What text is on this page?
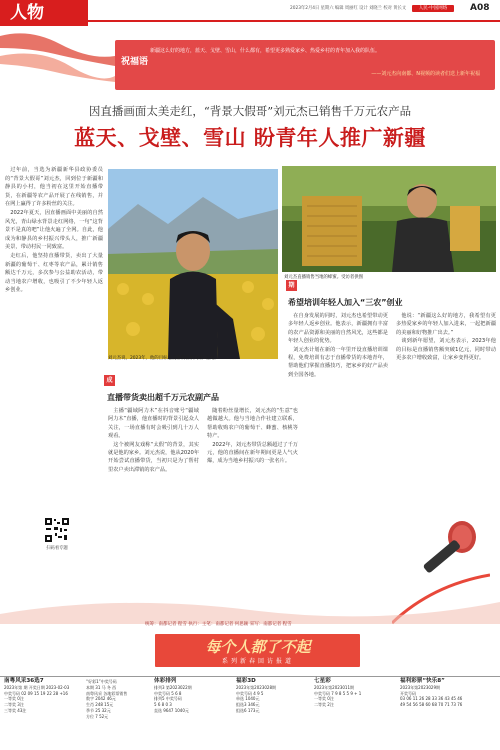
人物	2023年2月4日 星期六 编辑 周丽红 设计 刘晓兰 校对 黄长文	人民·中国网络	A08
祝福语
新疆这么好的地方，蓝天、戈壁、雪山，什么都有，希望更多熟爱家乡、热爱乡村的青年加入我的队伍。
——刘元杰向南都、N视频的读者们送上新年祝福
因直播画面太美走红，“背景大假哥”刘元杰已销售千万元农产品
蓝天、戈壁、雪山 盼青年人推广新疆

过年前，当选为新疆新华县政协委员的“背景大假哥”刘元杰，回到位于新疆和静县的小村，他当初在这里开始直播带货，在新疆等农产品开展了在线销售，并在网上赢得了许多粉丝的关注。

2022年夏天，因直播画面中美丽的自然风光，青山绿水背景走红网络，一句“这背景不是真的吧”让他火遍了全网。自此，他成为和静县的乡村振兴带头人，推广新疆美景，带动村民一同致富。

走红后，他坚持直播带货，卖出了大量新疆的葡萄干、红枣等农产品，累计销售额达千万元，多次参与公益助农活动，带动当地农户增收，也吸引了不少年轻人返乡创业。

刘元杰说，2023年，他的目标是直播销售额突破1亿元。
刘元杰直播销售当地的蜂蜜。受访者供图
成绩
直播带货卖出超千万元农副产品

主播“疆域阿力木”在抖音账号“疆域阿力木”直播，他直播时的背景引起众人关注，一场直播有时会吸引到几十万人观看。

这个被网友戏称“太假”的背景，其实就是他的家乡。刘元杰说，他从2020年开始尝试直播带货，当初只是为了帮村里农户卖出滞销的农产品。

随着粉丝量增长，刘元杰的“生意”也越做越大。他与当地合作社建立联系，帮助收购农户的葡萄干、蜂蜜、核桃等特产。

2022年，刘元杰带货总额超过了千万元，他的直播间在新年期间更是人气火爆，成为当地乡村振兴的一张名片。

期盼
希望培训年轻人加入“三农”创业

在自身发展的同时，刘元杰也希望带动更多年轻人返乡创业。他表示，新疆拥有丰富的农产品资源和美丽的自然风光，这些都是年轻人创业的优势。

刘元杰计划在新的一年里开设直播培训课程，免费培训有志于直播带货的本地青年，帮助他们掌握直播技巧，把家乡的好产品卖到全国各地。

他说：“新疆这么好的地方，我希望有更多热爱家乡的年轻人加入进来，一起把新疆的美丽和好物推广出去。”

谈到新年愿望，刘元杰表示，2023年他的目标是直播销售额突破1亿元，同时带动更多农户增收致富，让家乡变得更好。

扫码看专题
统筹：南都记者 程雪 执行：主笔：南都记者 何思颖 采写：南都记者 程雪
每个人都了不起
系列新春回访报道
南粤风采36选7
2023年第 期 开奖日期 2023-02-03
中奖号码 02 09 15 19 22 28 +16
一等奖 0注
二等奖 3注
三等奖 43注
“好彩1”中奖号码
本期 31 马 冬 西
南粤风采 各地彩票销售
数字 2042 46元
生肖 248 15元
季节 25 32元
方位 7 52元
体彩排列
排列3 第2023022期
中奖号码 5 6 8
排列5 中奖号码
5 6 8 0 3
直选 9647 1040元
福彩3D
2023年第2023028期
中奖号码 4 9 5
单选 1040元
组选3 346元
组选6 173元
七星彩
2023年第2023011期
中奖号码 7 9 8 5 5 9 + 1
一等奖 0注
二等奖 2注
福利彩票“快乐8”
2023年第2023029期
开奖号码
03 06 11 26 28 33 36 43 45 46
49 54 56 58 60 68 70 71 73 76
